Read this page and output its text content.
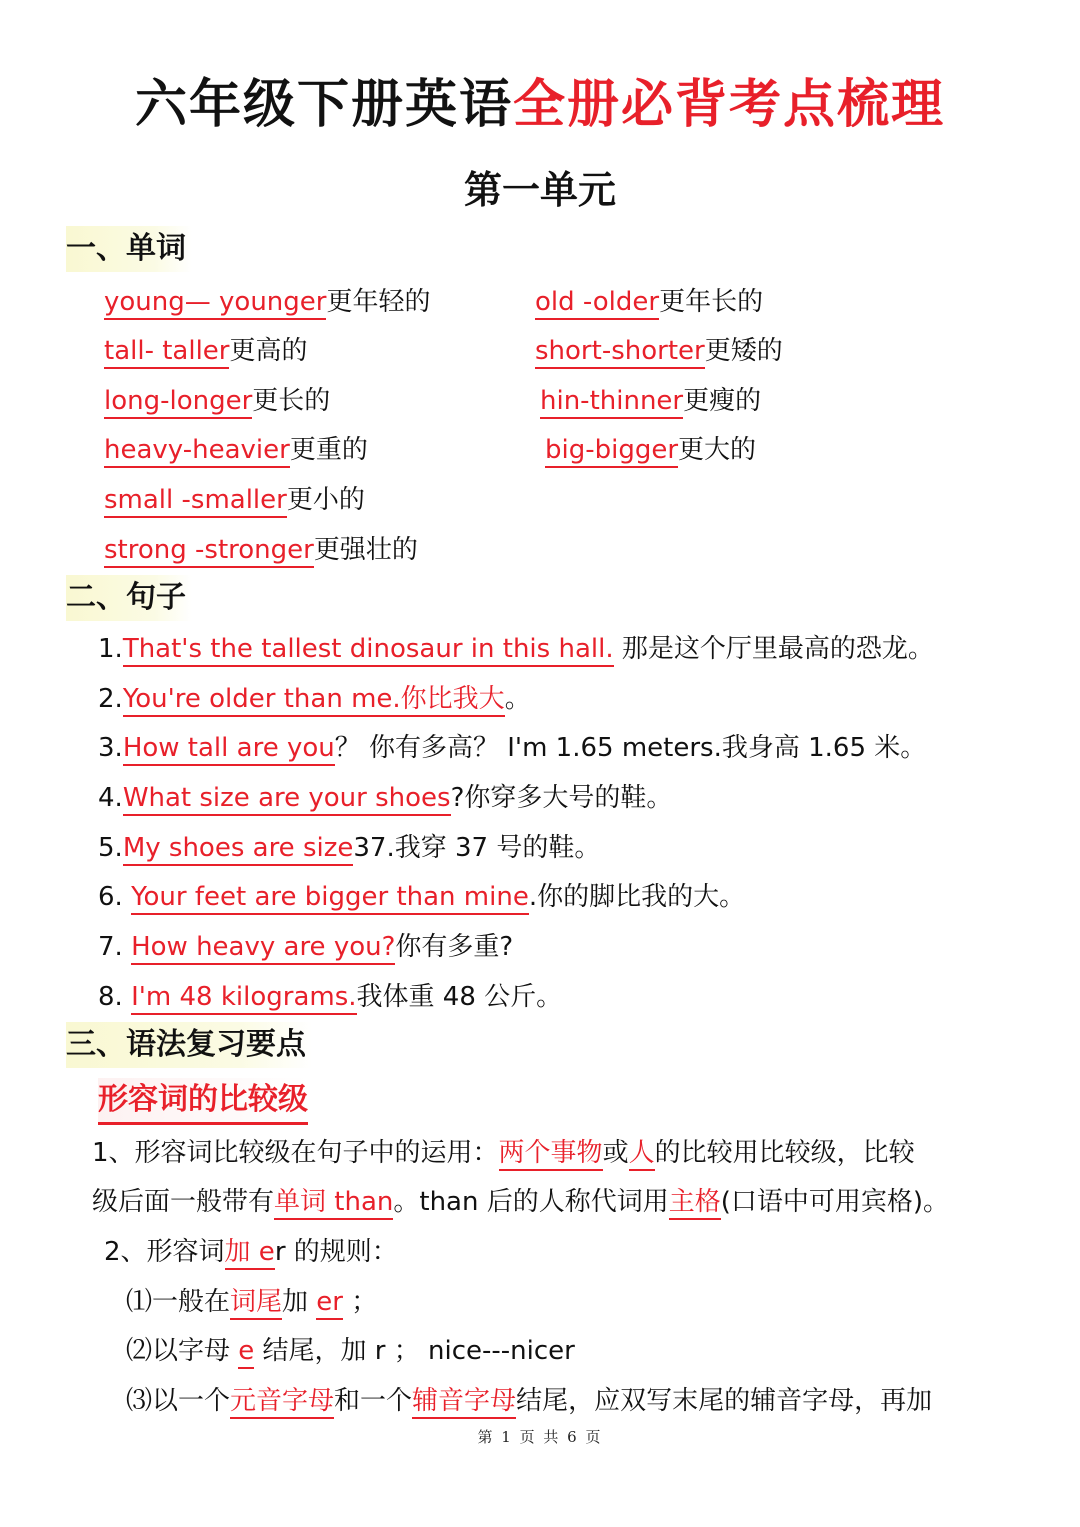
六年级下册英语全册必背考点梳理
第一单元
一、单词
young— younger更年轻的
tall- taller更高的
long-longer更长的
heavy-heavier更重的
small -smaller更小的
strong -stronger更强壮的
old -older更年长的
short-shorter更矮的
hin-thinner更瘦的
big-bigger更大的
二、句子
1.That's the tallest dinosaur in this hall. 那是这个厅里最高的恐龙。
2.You're older than me.你比我大。
3.How tall are you？ 你有多高？ I'm 1.65 meters.我身高 1.65 米。
4.What size are your shoes?你穿多大号的鞋。
5.My shoes are size37.我穿 37 号的鞋。
6. Your feet are bigger than mine.你的脚比我的大。
7. How heavy are you?你有多重?
8. I'm 48 kilograms.我体重 48 公斤。
三、语法复习要点
形容词的比较级
1、形容词比较级在句子中的运用：两个事物或人的比较用比较级，比较
级后面一般带有单词 than。than 后的人称代词用主格(口语中可用宾格)。
2、形容词加 er 的规则：
⑴一般在词尾加 er ；
⑵以字母 e 结尾，加 r ； nice---nicer
⑶以一个元音字母和一个辅音字母结尾，应双写末尾的辅音字母，再加
第 1 页 共 6 页
